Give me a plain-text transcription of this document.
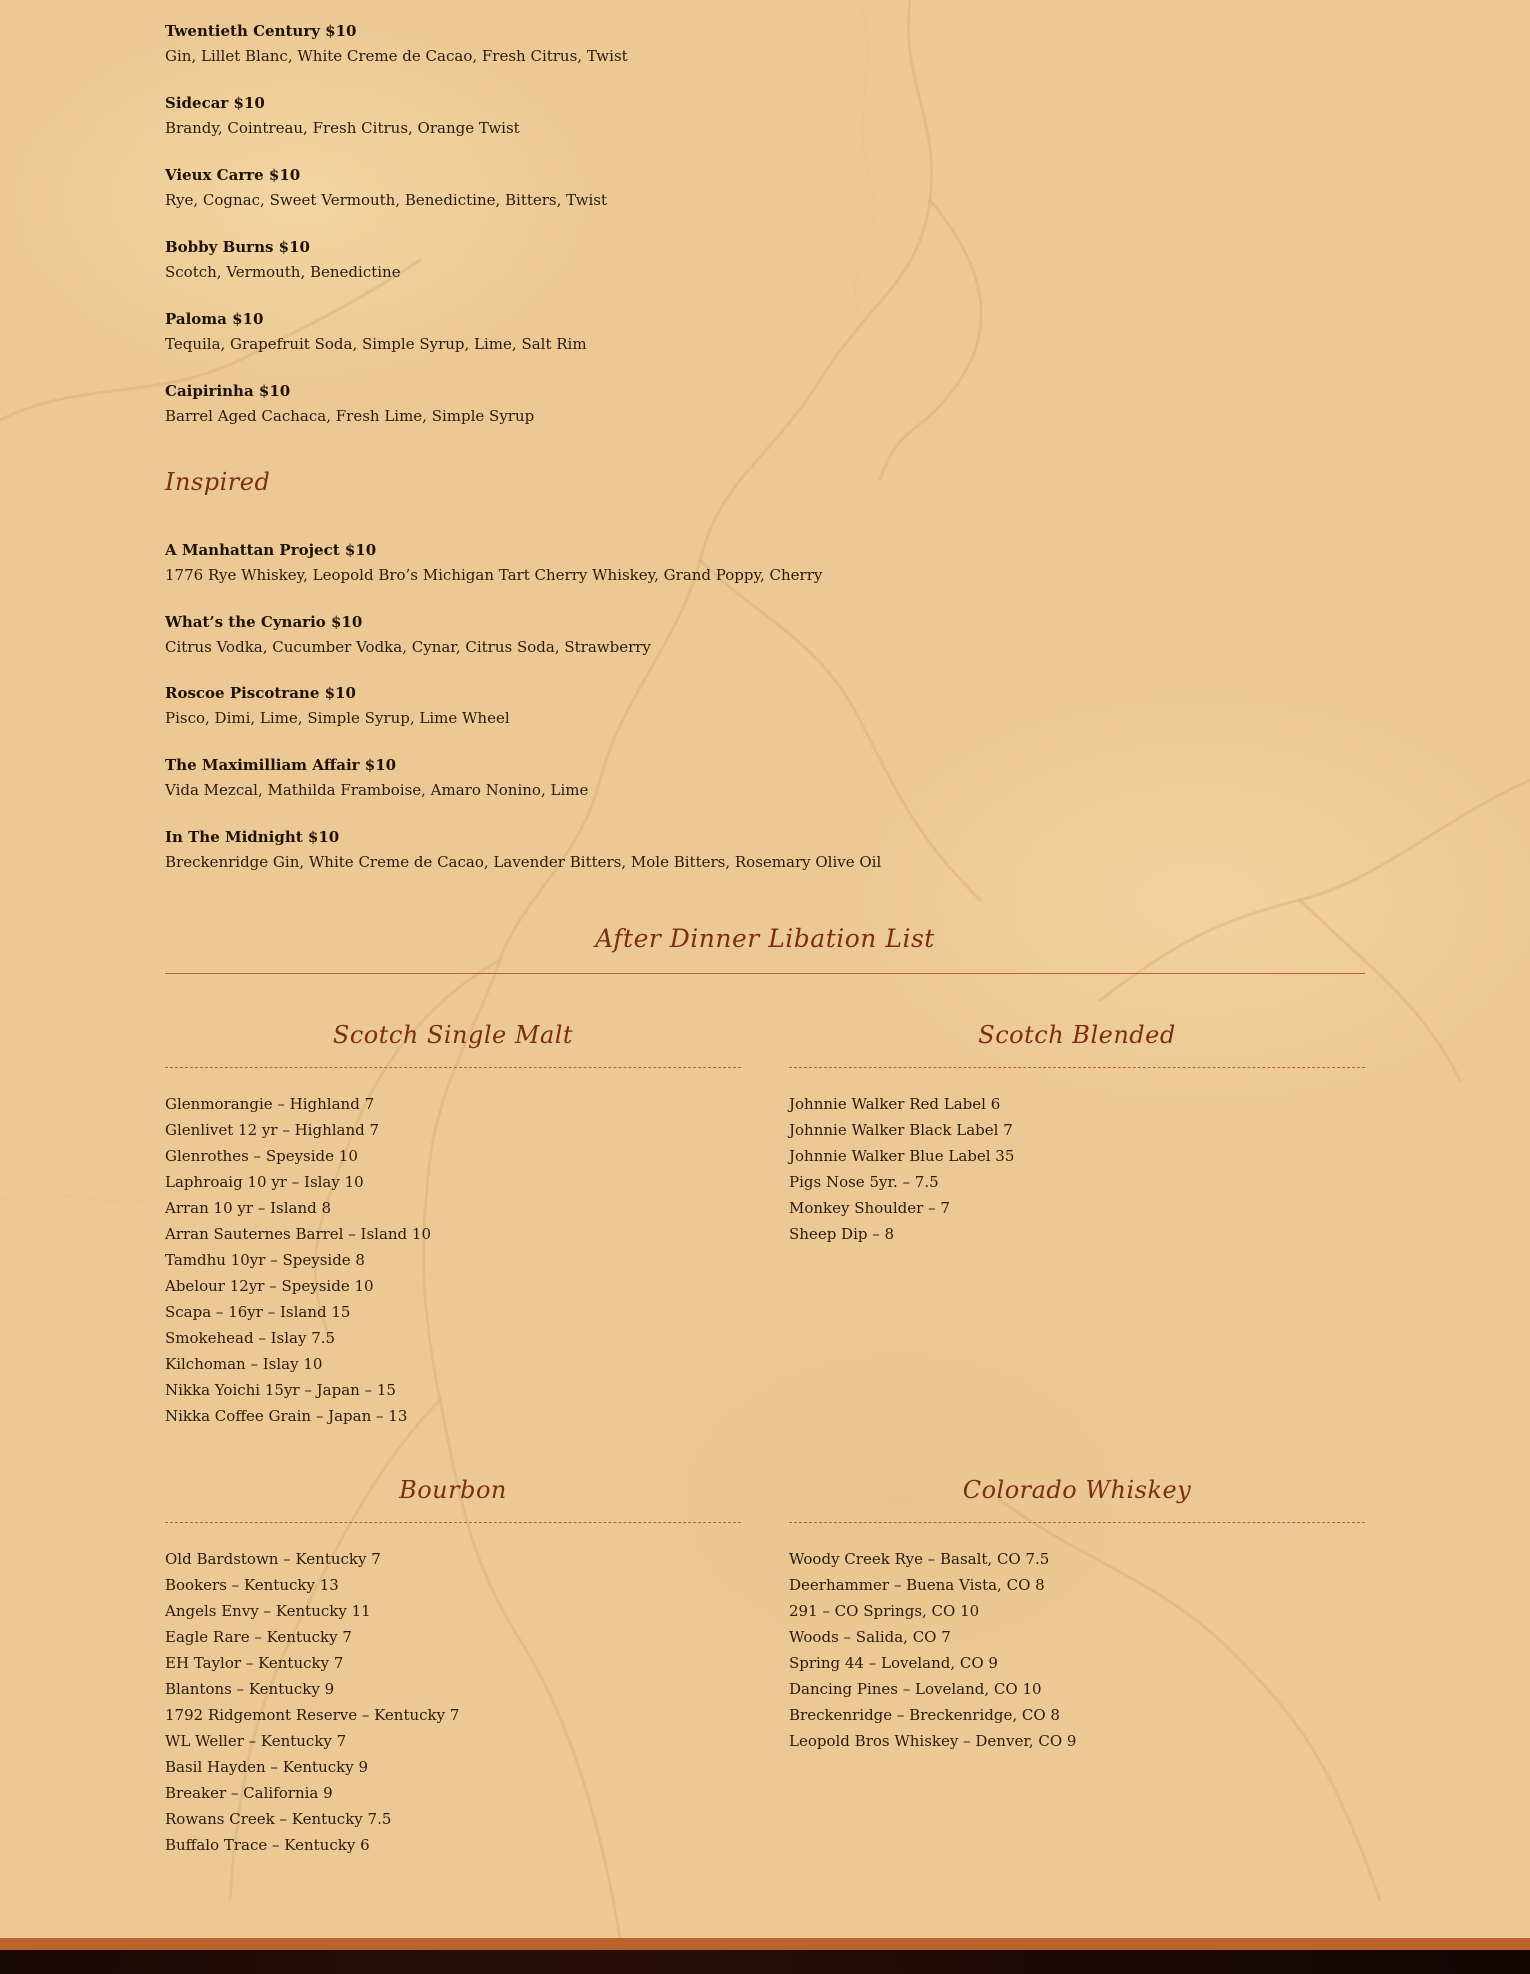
Twentieth Century $10
Gin, Lillet Blanc, White Creme de Cacao, Fresh Citrus, Twist
Sidecar $10
Brandy, Cointreau, Fresh Citrus, Orange Twist
Vieux Carre $10
Rye, Cognac, Sweet Vermouth, Benedictine, Bitters, Twist
Bobby Burns $10
Scotch, Vermouth, Benedictine
Paloma $10
Tequila, Grapefruit Soda, Simple Syrup, Lime, Salt Rim
Caipirinha $10
Barrel Aged Cachaca, Fresh Lime, Simple Syrup
Inspired
A Manhattan Project $10
1776 Rye Whiskey, Leopold Bro’s Michigan Tart Cherry Whiskey, Grand Poppy, Cherry
What’s the Cynario $10
Citrus Vodka, Cucumber Vodka, Cynar, Citrus Soda, Strawberry
Roscoe Piscotrane $10
Pisco, Dimi, Lime, Simple Syrup, Lime Wheel
The Maximilliam Affair $10
Vida Mezcal, Mathilda Framboise, Amaro Nonino, Lime
In The Midnight $10
Breckenridge Gin, White Creme de Cacao, Lavender Bitters, Mole Bitters, Rosemary Olive Oil
After Dinner Libation List
Scotch Single Malt
Glenmorangie – Highland 7
Glenlivet 12 yr – Highland 7
Glenrothes – Speyside 10
Laphroaig 10 yr – Islay 10
Arran 10 yr – Island 8
Arran Sauternes Barrel – Island 10
Tamdhu 10yr – Speyside 8
Abelour 12yr – Speyside 10
Scapa – 16yr – Island 15
Smokehead – Islay 7.5
Kilchoman – Islay 10
Nikka Yoichi 15yr – Japan – 15
Nikka Coffee Grain – Japan – 13
Scotch Blended
Johnnie Walker Red Label 6
Johnnie Walker Black Label 7
Johnnie Walker Blue Label 35
Pigs Nose 5yr. – 7.5
Monkey Shoulder – 7
Sheep Dip – 8
Bourbon
Old Bardstown – Kentucky 7
Bookers – Kentucky 13
Angels Envy – Kentucky 11
Eagle Rare – Kentucky 7
EH Taylor – Kentucky 7
Blantons – Kentucky 9
1792 Ridgemont Reserve – Kentucky 7
WL Weller – Kentucky 7
Basil Hayden – Kentucky 9
Breaker – California 9
Rowans Creek – Kentucky 7.5
Buffalo Trace – Kentucky 6
Colorado Whiskey
Woody Creek Rye – Basalt, CO 7.5
Deerhammer – Buena Vista, CO 8
291 – CO Springs, CO 10
Woods – Salida, CO 7
Spring 44 – Loveland, CO 9
Dancing Pines – Loveland, CO 10
Breckenridge – Breckenridge, CO 8
Leopold Bros Whiskey – Denver, CO 9
